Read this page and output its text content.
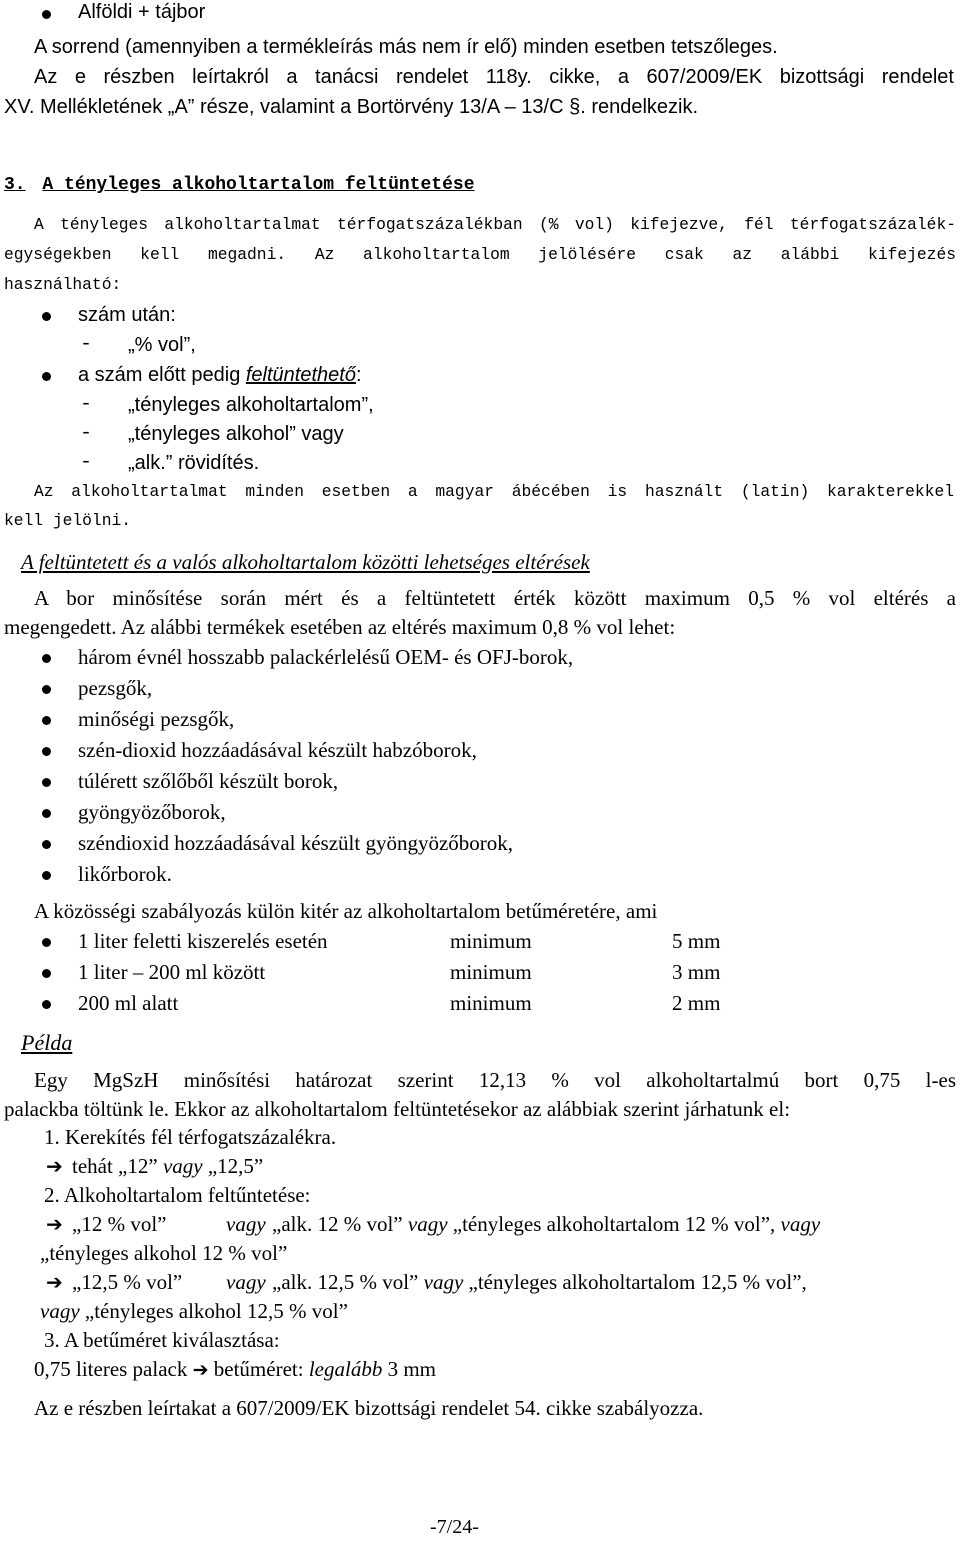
Alföldi + tájbor
A sorrend (amennyiben a termékleírás más nem ír elő) minden esetben tetszőleges.
Az e részben leírtakról a tanácsi rendelet 118y. cikke, a 607/2009/EK bizottsági rendelet
XV. Mellékletének „A” része, valamint a Bortörvény 13/A – 13/C §. rendelkezik.
3. A tényleges alkoholtartalom feltüntetése
A tényleges alkoholtartalmat térfogatszázalékban (% vol) kifejezve, fél térfogatszázalék-
egységekben kell megadni. Az alkoholtartalom jelölésére csak az alábbi kifejezés
használható:
szám után:
- „% vol”,
a szám előtt pedig feltüntethető:
- „tényleges alkoholtartalom”,
- „tényleges alkohol” vagy
- „alk.” rövidítés.
Az alkoholtartalmat minden esetben a magyar ábécében is használt (latin) karakterekkel
kell jelölni.
A feltüntetett és a valós alkoholtartalom közötti lehetséges eltérések
A bor minősítése során mért és a feltüntetett érték között maximum 0,5 % vol eltérés a
megengedett. Az alábbi termékek esetében az eltérés maximum 0,8 % vol lehet:
három évnél hosszabb palackérlelésű OEM- és OFJ-borok,
pezsgők,
minőségi pezsgők,
szén-dioxid hozzáadásával készült habzóborok,
túlérett szőlőből készült borok,
gyöngyözőborok,
széndioxid hozzáadásával készült gyöngyözőborok,
likőrborok.
A közösségi szabályozás külön kitér az alkoholtartalom betűméretére, ami
1 liter feletti kiszerelés esetén	minimum	5 mm
1 liter – 200 ml között	minimum	3 mm
200 ml alatt	minimum	2 mm
Példa
Egy MgSzH minősítési határozat szerint 12,13 % vol alkoholtartalmú bort 0,75 l-es
palackba töltünk le. Ekkor az alkoholtartalom feltüntetésekor az alábbiak szerint járhatunk el:
1. Kerekítés fél térfogatszázalékra.
➔ tehát „12” vagy „12,5”
2. Alkoholtartalom feltűntetése:
➔ „12 % vol”	vagy „alk. 12 % vol” vagy „tényleges alkoholtartalom 12 % vol”, vagy
„tényleges alkohol 12 % vol”
➔ „12,5 % vol” vagy „alk. 12,5 % vol” vagy „tényleges alkoholtartalom 12,5 % vol”,
vagy „tényleges alkohol 12,5 % vol”
3. A betűméret kiválasztása:
0,75 literes palack ➔ betűméret: legalább 3 mm
Az e részben leírtakat a 607/2009/EK bizottsági rendelet 54. cikke szabályozza.
-7/24-
